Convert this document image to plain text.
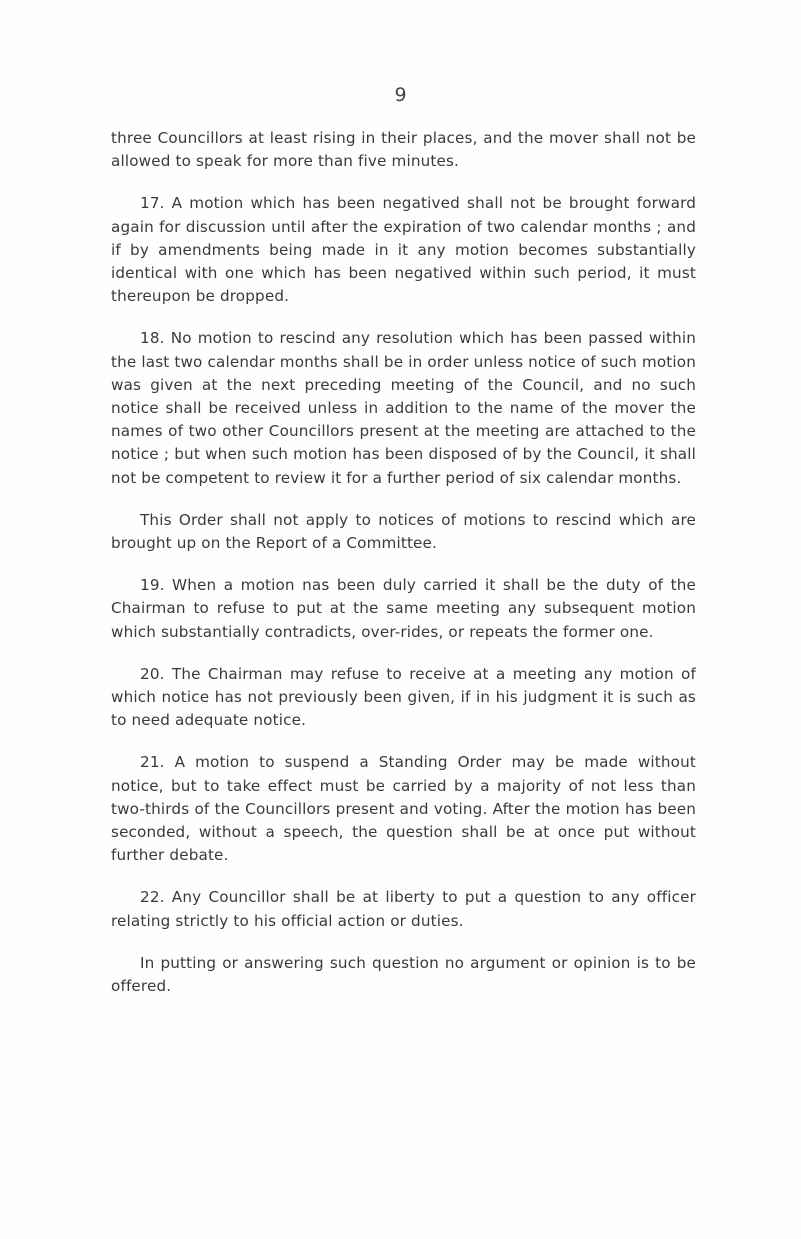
9

three Councillors at least rising in their places, and the mover shall not be allowed to speak for more than five minutes.

17. A motion which has been negatived shall not be brought forward again for discussion until after the expiration of two calendar months ; and if by amendments being made in it any motion becomes substantially identical with one which has been negatived within such period, it must thereupon be dropped.

18. No motion to rescind any resolution which has been passed within the last two calendar months shall be in order unless notice of such motion was given at the next preceding meeting of the Council, and no such notice shall be received unless in addition to the name of the mover the names of two other Councillors present at the meeting are attached to the notice ; but when such motion has been disposed of by the Council, it shall not be competent to review it for a further period of six calendar months.

This Order shall not apply to notices of motions to rescind which are brought up on the Report of a Committee.

19. When a motion nas been duly carried it shall be the duty of the Chairman to refuse to put at the same meeting any subsequent motion which substantially contradicts, over-rides, or repeats the former one.

20. The Chairman may refuse to receive at a meeting any motion of which notice has not previously been given, if in his judgment it is such as to need adequate notice.

21. A motion to suspend a Standing Order may be made without notice, but to take effect must be carried by a majority of not less than two-thirds of the Councillors present and voting. After the motion has been seconded, without a speech, the question shall be at once put without further debate.

22. Any Councillor shall be at liberty to put a question to any officer relating strictly to his official action or duties.

In putting or answering such question no argument or opinion is to be offered.
